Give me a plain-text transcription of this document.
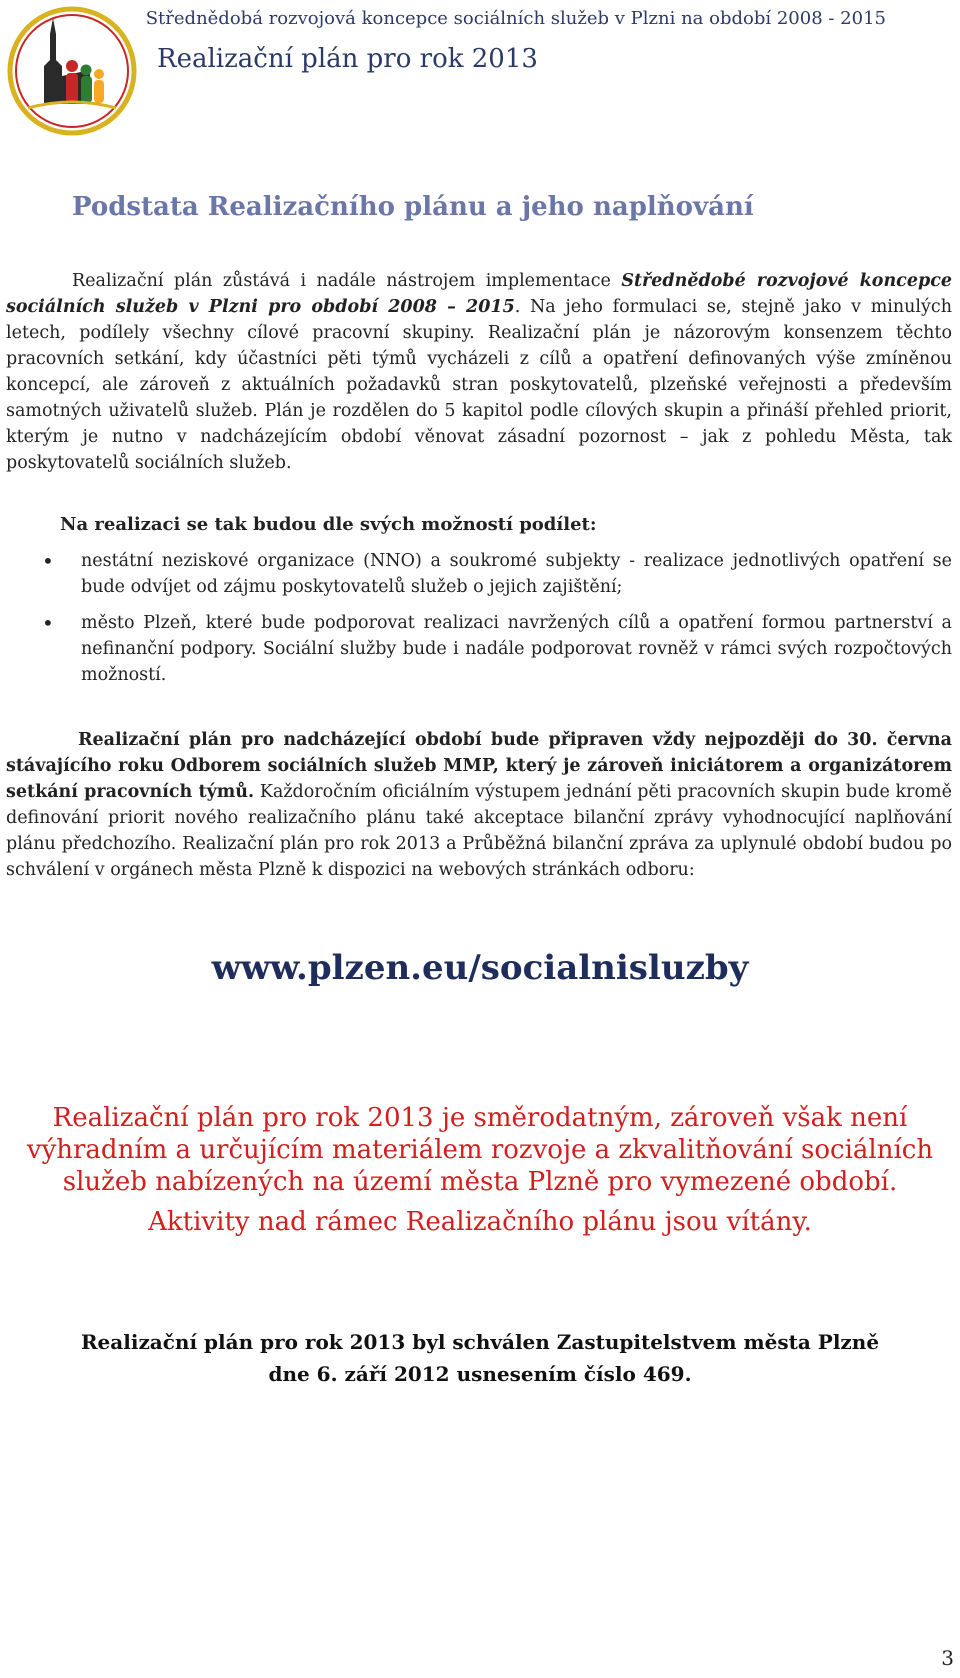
Střednědobá rozvojová koncepce sociálních služeb v Plzni na období 2008 - 2015
Realizační plán pro rok 2013
Podstata Realizačního plánu a jeho naplňování

Realizační plán zůstává i nadále nástrojem implementace Střednědobé rozvojové koncepce sociálních služeb v Plzni pro období 2008 – 2015. Na jeho formulaci se, stejně jako v minulých letech, podílely všechny cílové pracovní skupiny. Realizační plán je názorovým konsenzem těchto pracovních setkání, kdy účastníci pěti týmů vycházeli z cílů a opatření definovaných výše zmíněnou koncepcí, ale zároveň z aktuálních požadavků stran poskytovatelů, plzeňské veřejnosti a především samotných uživatelů služeb. Plán je rozdělen do 5 kapitol podle cílových skupin a přináší přehled priorit, kterým je nutno v nadcházejícím období věnovat zásadní pozornost – jak z pohledu Města, tak poskytovatelů sociálních služeb.

Na realizaci se tak budou dle svých možností podílet:

• nestátní neziskové organizace (NNO) a soukromé subjekty - realizace jednotlivých opatření se bude odvíjet od zájmu poskytovatelů služeb o jejich zajištění;
• město Plzeň, které bude podporovat realizaci navržených cílů a opatření formou partnerství a nefinanční podpory. Sociální služby bude i nadále podporovat rovněž v rámci svých rozpočtových možností.

Realizační plán pro nadcházející období bude připraven vždy nejpozději do 30. června stávajícího roku Odborem sociálních služeb MMP, který je zároveň iniciátorem a organizátorem setkání pracovních týmů. Každoročním oficiálním výstupem jednání pěti pracovních skupin bude kromě definování priorit nového realizačního plánu také akceptace bilanční zprávy vyhodnocující naplňování plánu předchozího. Realizační plán pro rok 2013 a Průběžná bilanční zpráva za uplynulé období budou po schválení v orgánech města Plzně k dispozici na webových stránkách odboru:

www.plzen.eu/socialnisluzby

Realizační plán pro rok 2013 je směrodatným, zároveň však není

výhradním a určujícím materiálem rozvoje a zkvalitňování sociálních

služeb nabízených na území města Plzně pro vymezené období.

Aktivity nad rámec Realizačního plánu jsou vítány.

Realizační plán pro rok 2013 byl schválen Zastupitelstvem města Plzně

dne 6. září 2012 usnesením číslo 469.

3
